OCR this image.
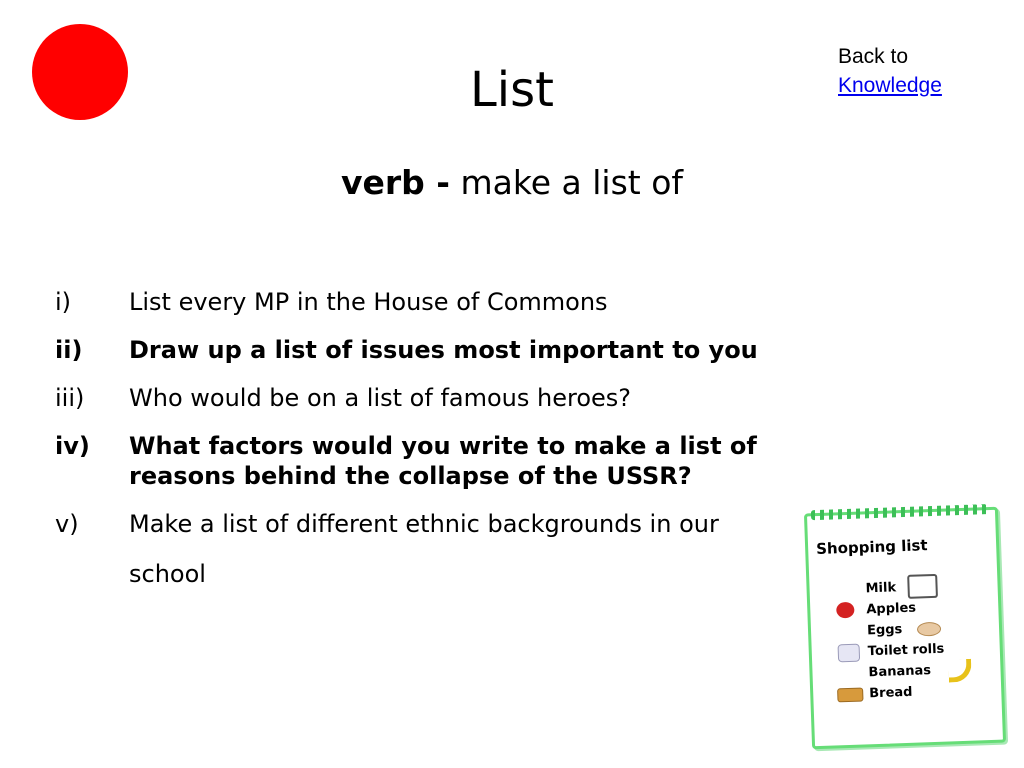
Back to
Knowledge
List
verb - make a list of
i)	List every MP in the House of Commons
ii)	Draw up a list of issues most important to you
iii)	Who would be on a list of famous heroes?
iv)	What factors would you write to make a list of reasons behind the collapse of the USSR?
v)	Make a list of different ethnic backgrounds in our school
Shopping list
Milk
Apples
Eggs
Toilet rolls
Bananas
Bread
